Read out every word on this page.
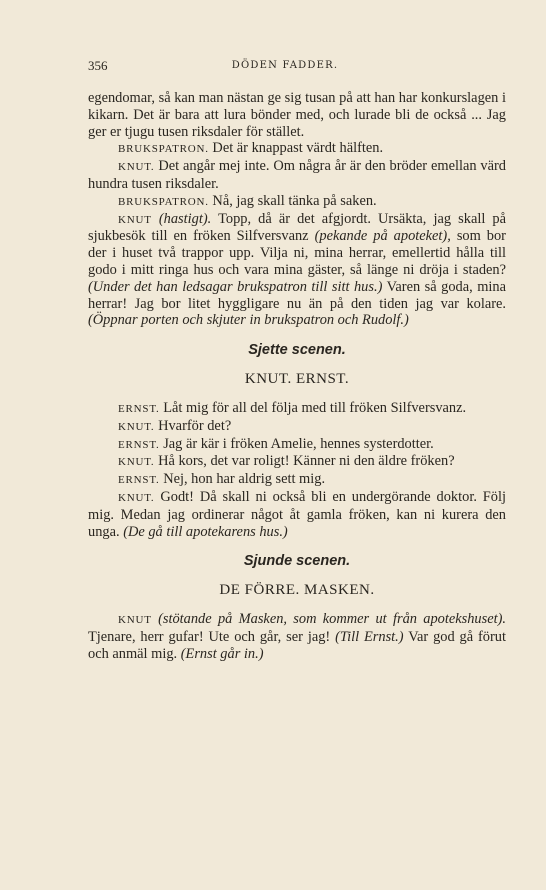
356	DÖDEN FADDER.

egendomar, så kan man nästan ge sig tusan på att han har konkurslagen i kikarn. Det är bara att lura bönder med, och lurade bli de också ... Jag ger er tjugu tusen riksdaler för stället.

BRUKSPATRON. Det är knappast värdt hälften.

KNUT. Det angår mej inte. Om några år är den bröder emellan värd hundra tusen riksdaler.

BRUKSPATRON. Nå, jag skall tänka på saken.

KNUT (hastigt). Topp, då är det afgjordt. Ursäkta, jag skall på sjukbesök till en fröken Silfversvanz (pekande på apoteket), som bor der i huset två trappor upp. Vilja ni, mina herrar, emellertid hålla till godo i mitt ringa hus och vara mina gäster, så länge ni dröja i staden? (Under det han ledsagar brukspatron till sitt hus.) Varen så goda, mina herrar! Jag bor litet hyggligare nu än på den tiden jag var kolare. (Öppnar porten och skjuter in brukspatron och Rudolf.)

Sjette scenen.
KNUT. ERNST.

ERNST. Låt mig för all del följa med till fröken Silfversvanz.

KNUT. Hvarför det?

ERNST. Jag är kär i fröken Amelie, hennes systerdotter.

KNUT. Hå kors, det var roligt! Känner ni den äldre fröken?

ERNST. Nej, hon har aldrig sett mig.

KNUT. Godt! Då skall ni också bli en undergörande doktor. Följ mig. Medan jag ordinerar något åt gamla fröken, kan ni kurera den unga. (De gå till apotekarens hus.)

Sjunde scenen.
DE FÖRRE. MASKEN.

KNUT (stötande på Masken, som kommer ut från apotekshuset). Tjenare, herr gufar! Ute och går, ser jag! (Till Ernst.) Var god gå förut och anmäl mig. (Ernst går in.)
